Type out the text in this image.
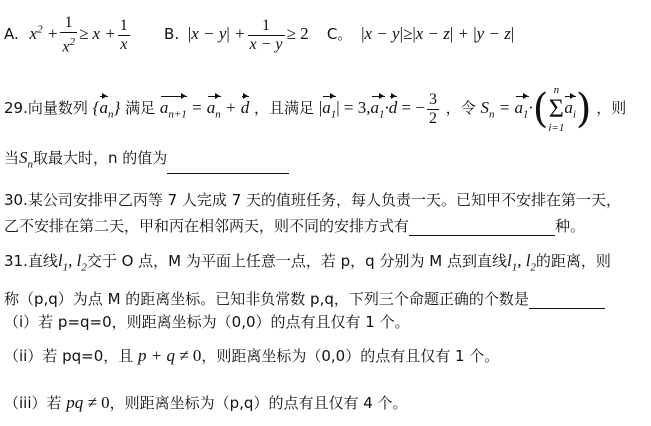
A. $x^2 + \frac{1}{x^2} \ge x + \frac{1}{x} B$. $|x - y| + \frac{1}{x - y} \ge 2$ C。 |x − y|≥|x − z| + |y − z|
29.向量数列 $\{a_n\}$ 满足 $a_{n+1} = a_n + d$ ，且满足 $|a_1| = 3,a_1\cdot d$ = − $\frac{3}{2}$ ，令 $S_n = a_1\cdot$( n
Σ
i=1
$a_i$) ，则
当$S_n$取最大时，n 的值为
30.某公司安排甲乙丙等 7 人完成 7 天的值班任务，每人负责一天。已知甲不安排在第一天，
乙不安排在第二天，甲和丙在相邻两天，则不同的安排方式有	种。
31.直线$l_1$, $l_2$交于 O 点，M 为平面上任意一点，若 p，q 分别为 M 点到直线$l_1$, $l_2$的距离，则
称（p,q）为点 M 的距离坐标。已知非负常数 p,q，下列三个命题正确的个数是
（i）若 p=q=0，则距离坐标为（0,0）的点有且仅有 1 个。
（ii）若 pq=0，且 p + q ≠ 0，则距离坐标为（0,0）的点有且仅有 1 个。
（iii）若 pq ≠ 0，则距离坐标为（p,q）的点有且仅有 4 个。
